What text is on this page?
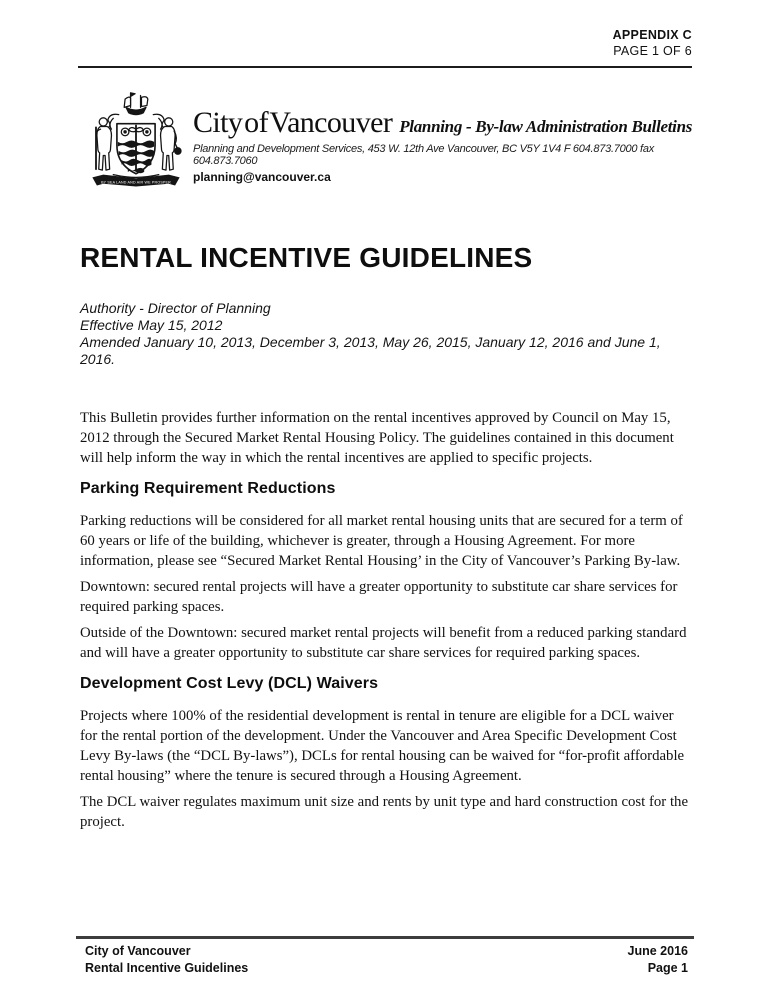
APPENDIX C
PAGE 1 OF 6
BY SEA LAND AND AIR WE PROSPER
City of Vancouver Planning - By-law Administration Bulletins
Planning and Development Services, 453 W. 12th Ave Vancouver, BC V5Y 1V4 F 604.873.7000 fax 604.873.7060
planning@vancouver.ca
RENTAL INCENTIVE GUIDELINES
Authority - Director of Planning
Effective May 15, 2012
Amended January 10, 2013, December 3, 2013, May 26, 2015, January 12, 2016 and June 1, 2016.

This Bulletin provides further information on the rental incentives approved by Council on May 15, 2012 through the Secured Market Rental Housing Policy. The guidelines contained in this document will help inform the way in which the rental incentives are applied to specific projects.

Parking Requirement Reductions

Parking reductions will be considered for all market rental housing units that are secured for a term of 60 years or life of the building, whichever is greater, through a Housing Agreement. For more information, please see “Secured Market Rental Housing’ in the City of Vancouver’s Parking By-law.

Downtown: secured rental projects will have a greater opportunity to substitute car share services for required parking spaces.

Outside of the Downtown: secured market rental projects will benefit from a reduced parking standard and will have a greater opportunity to substitute car share services for required parking spaces.

Development Cost Levy (DCL) Waivers

Projects where 100% of the residential development is rental in tenure are eligible for a DCL waiver for the rental portion of the development. Under the Vancouver and Area Specific Development Cost Levy By-laws (the “DCL By-laws”), DCLs for rental housing can be waived for “for-profit affordable rental housing” where the tenure is secured through a Housing Agreement.

The DCL waiver regulates maximum unit size and rents by unit type and hard construction cost for the project.

City of Vancouver
Rental Incentive Guidelines
June 2016
Page 1
